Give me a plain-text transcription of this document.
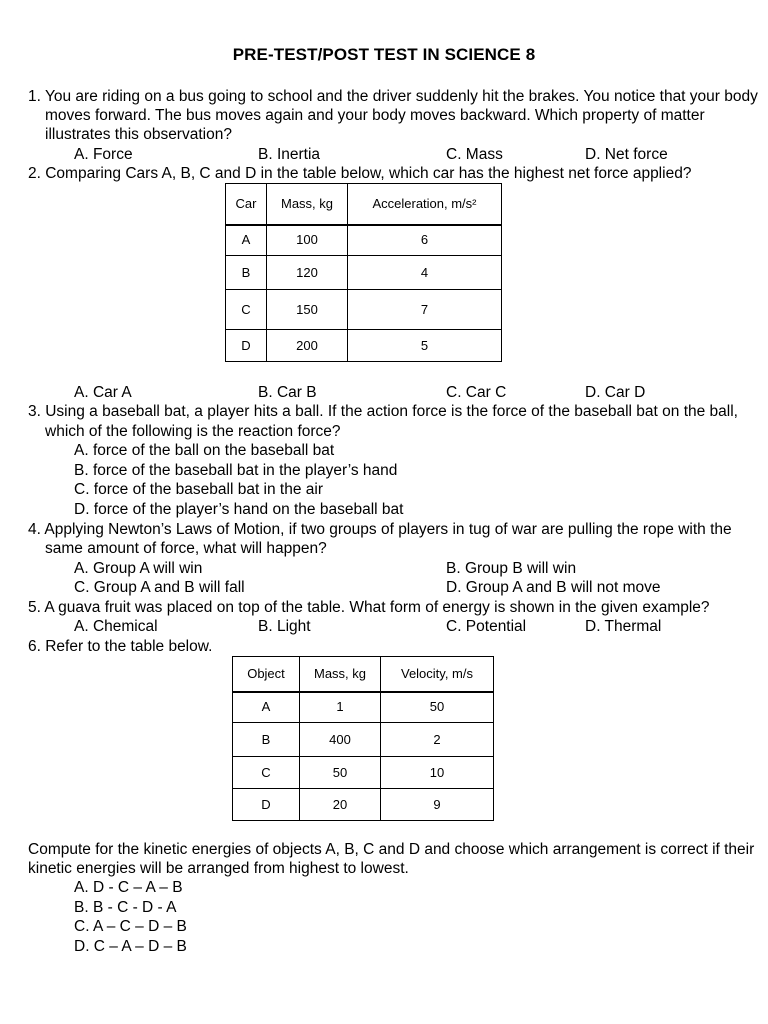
PRE-TEST/POST TEST IN SCIENCE 8
1. You are riding on a bus going to school and the driver suddenly hit the brakes. You notice that your body
moves forward. The bus moves again and your body moves backward. Which property of matter
illustrates this observation?
A. Force	B. Inertia	C. Mass	D. Net force
2. Comparing Cars A, B, C and D in the table below, which car has the highest net force applied?
Car	Mass, kg	Acceleration, m/s²
A	100	6
B	120	4
C	150	7
D	200	5
A. Car A	B. Car B	C. Car C	D. Car D
3. Using a baseball bat, a player hits a ball. If the action force is the force of the baseball bat on the ball,
which of the following is the reaction force?
A. force of the ball on the baseball bat
B. force of the baseball bat in the player’s hand
C. force of the baseball bat in the air
D. force of the player’s hand on the baseball bat
4. Applying Newton’s Laws of Motion, if two groups of players in tug of war are pulling the rope with the
same amount of force, what will happen?
A. Group A will win	B. Group B will win
C. Group A and B will fall	D. Group A and B will not move
5. A guava fruit was placed on top of the table. What form of energy is shown in the given example?
A. Chemical	B. Light	C. Potential	D. Thermal
6. Refer to the table below.
Object	Mass, kg	Velocity, m/s
A	1	50
B	400	2
C	50	10
D	20	9
Compute for the kinetic energies of objects A, B, C and D and choose which arrangement is correct if their
kinetic energies will be arranged from highest to lowest.
A. D - C – A – B
B. B - C - D - A
C. A – C – D – B
D. C – A – D – B
